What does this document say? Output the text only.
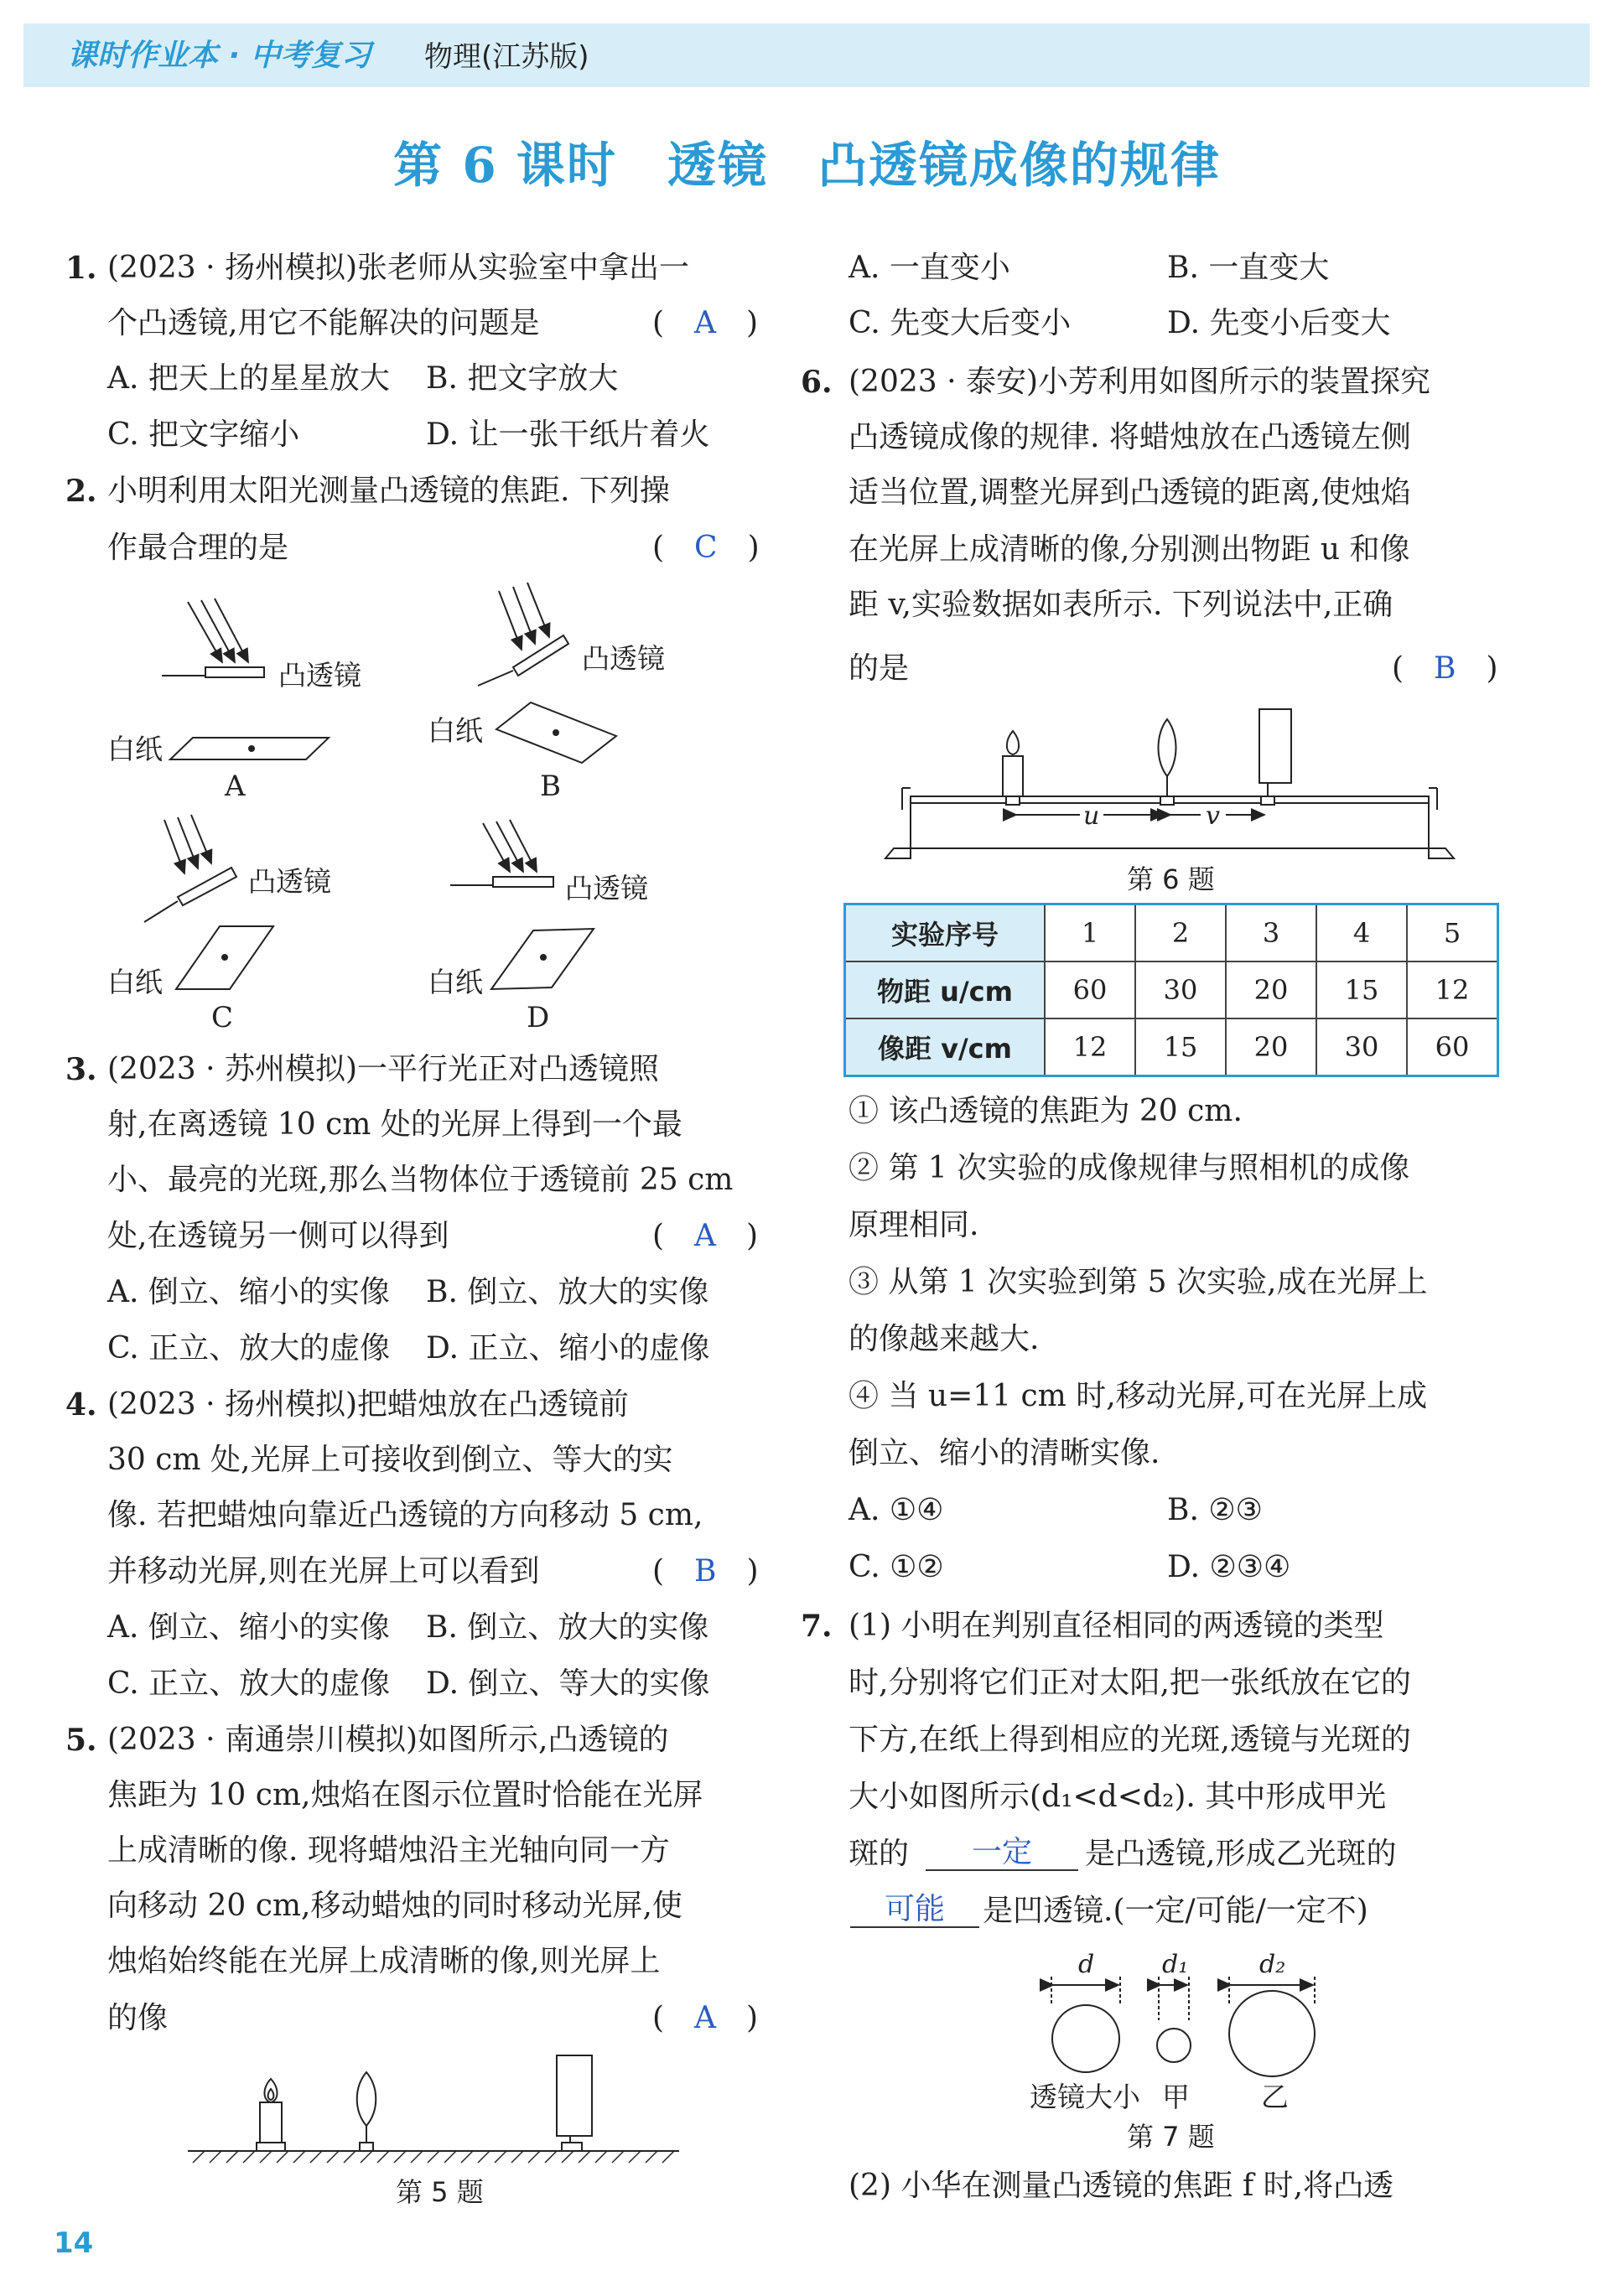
课时作业本 · 中考复习 物理(江苏版)
第 6 课时　透镜　凸透镜成像的规律
1. (2023 · 扬州模拟)张老师从实验室中拿出一
个凸透镜,用它不能解决的问题是	(　A　)
A. 把天上的星星放大 B. 把文字放大
C. 把文字缩小	D. 让一张干纸片着火
2. 小明利用太阳光测量凸透镜的焦距. 下列操
作最合理的是	(　C　)
凸透镜
白纸
A
凸透镜
白纸
B
凸透镜
白纸
C
凸透镜
白纸
D
3. (2023 · 苏州模拟)一平行光正对凸透镜照
射,在离透镜 10 cm 处的光屏上得到一个最
小、最亮的光斑,那么当物体位于透镜前 25 cm
处,在透镜另一侧可以得到	(　A　)
A. 倒立、缩小的实像 B. 倒立、放大的实像
C. 正立、放大的虚像 D. 正立、缩小的虚像
4. (2023 · 扬州模拟)把蜡烛放在凸透镜前
30 cm 处,光屏上可接收到倒立、等大的实
像. 若把蜡烛向靠近凸透镜的方向移动 5 cm,
并移动光屏,则在光屏上可以看到	(　B　)
A. 倒立、缩小的实像 B. 倒立、放大的实像
C. 正立、放大的虚像 D. 倒立、等大的实像
5. (2023 · 南通崇川模拟)如图所示,凸透镜的
焦距为 10 cm,烛焰在图示位置时恰能在光屏
上成清晰的像. 现将蜡烛沿主光轴向同一方
向移动 20 cm,移动蜡烛的同时移动光屏,使
烛焰始终能在光屏上成清晰的像,则光屏上
的像	(　A　)
第 5 题
A. 一直变小	B. 一直变大
C. 先变大后变小	D. 先变小后变大
6. (2023 · 泰安)小芳利用如图所示的装置探究
凸透镜成像的规律. 将蜡烛放在凸透镜左侧
适当位置,调整光屏到凸透镜的距离,使烛焰
在光屏上成清晰的像,分别测出物距 u 和像
距 v,实验数据如表所示. 下列说法中,正确
的是	(　B　)
u	v
第 6 题
实验序号	1	2	3	4	5
物距 u/cm	60	30	20	15	12
像距 v/cm	12	15	20	30	60
① 该凸透镜的焦距为 20 cm.
② 第 1 次实验的成像规律与照相机的成像
原理相同.
③ 从第 1 次实验到第 5 次实验,成在光屏上
的像越来越大.
④ 当 u=11 cm 时,移动光屏,可在光屏上成
倒立、缩小的清晰实像.
A. ①④	B. ②③
C. ①②	D. ②③④
7. (1) 小明在判别直径相同的两透镜的类型
时,分别将它们正对太阳,把一张纸放在它的
下方,在纸上得到相应的光斑,透镜与光斑的
大小如图所示(d₁<d<d₂). 其中形成甲光
斑的	一定	是凸透镜,形成乙光斑的
可能	是凹透镜.(一定/可能/一定不)
d	d₁	d₂
透镜大小 甲	乙
第 7 题
(2) 小华在测量凸透镜的焦距 f 时,将凸透
14
